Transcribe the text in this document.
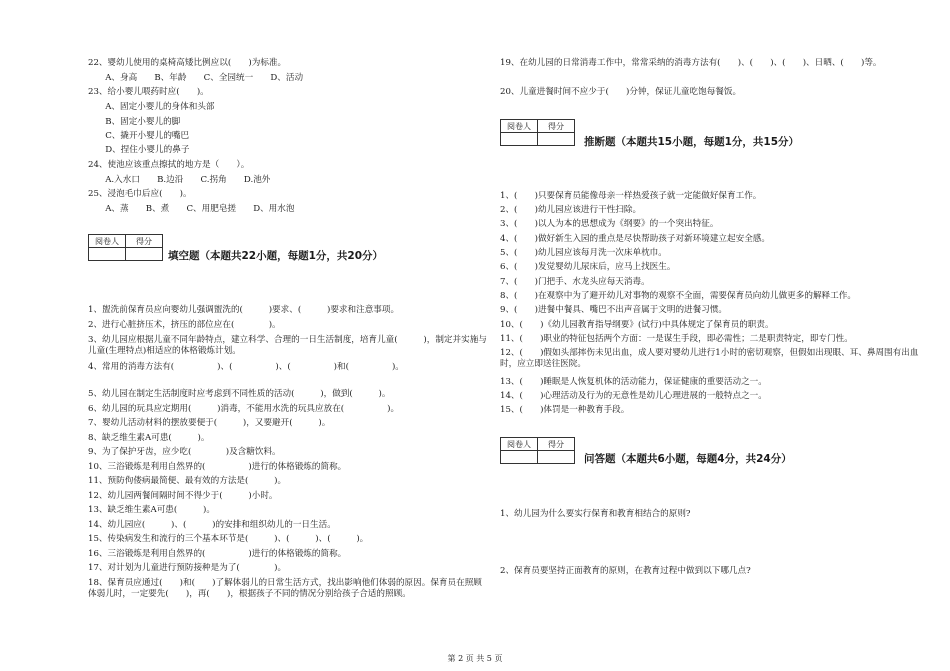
22、婴幼儿使用的桌椅高矮比例应以(　　)为标准。
　　A、身高　　B、年龄　　C、全园统一　　D、活动
23、给小婴儿喂药时应(　　)。
　　A、固定小婴儿的身体和头部
　　B、固定小婴儿的脚
　　C、撬开小婴儿的嘴巴
　　D、捏住小婴儿的鼻子
24、使池应该重点擦拭的地方是（　　）。
　　A.入水口　　B.边沿　　C.拐角　　D.池外
25、浸泡毛巾后应(　　)。
　　A、蒸　　B、煮　　C、用肥皂搓　　D、用水泡
阅卷人	得分

填空题（本题共22小题，每题1分，共20分）
1、盥洗前保育员应向婴幼儿强调盥洗的(　　　)要求、(　　　)要求和注意事项。
2、进行心脏挤压术，挤压的部位应在(　　　　)。
3、幼儿园应根据儿童不同年龄特点，建立科学、合理的一日生活制度，培育儿童(　　　)，制定并实施与儿童(生理特点)相适应的体格锻炼计划。
4、常用的消毒方法有(　　　　　)、(　　　　　)、(　　　　　)和(　　　　　)。
5、幼儿园在制定生活制度时应考虑到不同性质的活动(　　　)，做到(　　　)。
6、幼儿园的玩具应定期用(　　　)消毒，不能用水洗的玩具应放在(　　　　　)。
7、婴幼儿活动材料的摆放要便于(　　　)，又要避开(　　　)。
8、缺乏维生素A可患(　　　)。
9、为了保护牙齿，应少吃(　　　　)及含糖饮料。
10、三浴锻炼是利用自然界的(　　　　　)进行的体格锻炼的简称。
11、预防佝偻病最简便、最有效的方法是(　　　)。
12、幼儿园两餐间隔时间不得少于(　　　)小时。
13、缺乏维生素A可患(　　　)。
14、幼儿园应(　　　)、(　　　)的安排和组织幼儿的一日生活。
15、传染病发生和流行的三个基本环节是(　　　)、(　　　)、(　　　)。
16、三浴锻炼是利用自然界的(　　　　　)进行的体格锻炼的简称。
17、对计划为儿童进行预防接种是为了(　　　　)。
18、保育员应通过(　　)和(　　)了解体弱儿的日常生活方式，找出影响他们体弱的原因。保育员在照顾体弱儿时，一定要先(　　)，再(　　)，根据孩子不同的情况分别给孩子合适的照顾。
19、在幼儿园的日常消毒工作中，常常采纳的消毒方法有(　　)、(　　)、(　　)、日晒、(　　)等。
20、儿童进餐时间不应少于(　　)分钟，保证儿童吃饱每餐饭。
阅卷人	得分

推断题（本题共15小题，每题1分，共15分）
1、(　　)只要保育员能像母亲一样热爱孩子就一定能做好保育工作。
2、(　　)幼儿园应该进行干性扫除。
3、(　　)以人为本的思想成为《纲要》的一个突出特征。
4、(　　)做好新生入园的重点是尽快帮助孩子对新环境建立起安全感。
5、(　　)幼儿园应该每月洗一次床单枕巾。
6、(　　)发觉婴幼儿尿床后，应马上找医生。
7、(　　)门把手、水龙头应每天消毒。
8、(　　)在观察中为了避开幼儿对事物的观察不全面，需要保育员向幼儿做更多的解释工作。
9、(　　)进餐中餐具、嘴巴不出声音属于文明的进餐习惯。
10、(　　)《幼儿园教育指导纲要》(试行)中具体规定了保育员的职责。
11、(　　)职业的特征包括两个方面：一是谋生手段，即必需性；二是职责特定，即专门性。
12、(　　)假如头部摔伤未见出血，成人要对婴幼儿进行1小时的密切观察，但假如出现眼、耳、鼻周围有出血时，应立即送往医院。
13、(　　)睡眠是人恢复机体的活动能力，保证健康的重要活动之一。
14、(　　)心理活动及行为的无意性是幼儿心理进展的一般特点之一。
15、(　　)体罚是一种教育手段。
阅卷人	得分

问答题（本题共6小题，每题4分，共24分）
1、幼儿园为什么要实行保育和教育相结合的原则?
2、保育员要坚持正面教育的原则，在教育过程中做到以下哪几点?
第 2 页 共 5 页
